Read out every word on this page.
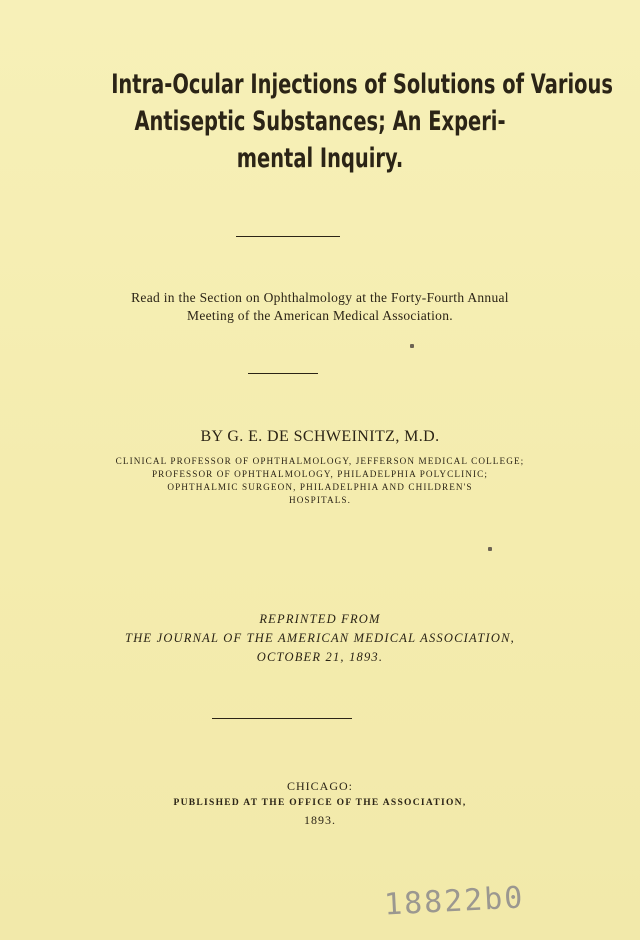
Intra-Ocular Injections of Solutions of Various
Antiseptic Substances; An Experi-
mental Inquiry.
Read in the Section on Ophthalmology at the Forty-Fourth Annual
Meeting of the American Medical Association.
BY G. E. DE SCHWEINITZ, M.D.
CLINICAL PROFESSOR OF OPHTHALMOLOGY, JEFFERSON MEDICAL COLLEGE;
PROFESSOR OF OPHTHALMOLOGY, PHILADELPHIA POLYCLINIC;
OPHTHALMIC SURGEON, PHILADELPHIA AND CHILDREN'S
HOSPITALS.
REPRINTED FROM
THE JOURNAL OF THE AMERICAN MEDICAL ASSOCIATION,
OCTOBER 21, 1893.
CHICAGO:
PUBLISHED AT THE OFFICE OF THE ASSOCIATION,
1893.
18822b0
